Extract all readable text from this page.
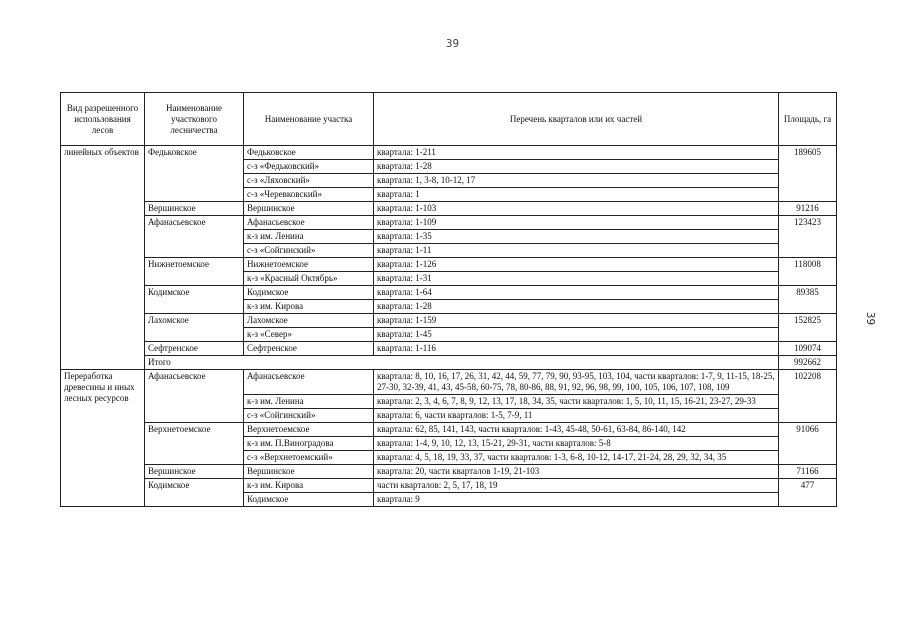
39
39
Вид разрешенного использования лесов	Наименование участкового лесничества	Наименование участка	Перечень кварталов или их частей	Площадь, га
линейных объектов	Федьковское	Федьковское	квартала: 1-211	189605
		с-з «Федьковский»	квартала: 1-28	
		с-з «Ляховский»	квартала: 1, 3-8, 10-12, 17	
		с-з «Черевковский»	квартала: 1	
	Вершинское	Вершинское	квартала: 1-103	91216
	Афанасьевское	Афанасьевское	квартала: 1-109	123423
		к-з им. Ленина	квартала: 1-35	
		с-з «Сойгинский»	квартала: 1-11	
	Нижнетоемское	Нижнетоемское	квартала: 1-126	118008
		к-з «Красный Октябрь»	квартала: 1-31	
	Кодимское	Кодимское	квартала: 1-64	89385
		к-з им. Кирова	квартала: 1-28	
	Лахомское	Лахомское	квартала: 1-159	152825
		к-з «Север»	квартала: 1-45	
	Сефтренское	Сефтренское	квартала: 1-116	109074
	Итого			992662
Переработка древесины и иных лесных ресурсов	Афанасьевское	Афанасьевское	квартала: 8, 10, 16, 17, 26, 31, 42, 44, 59, 77, 79, 90, 93-95, 103, 104, части кварталов: 1-7, 9, 11-15, 18-25, 27-30, 32-39, 41, 43, 45-58, 60-75, 78, 80-86, 88, 91, 92, 96, 98, 99, 100, 105, 106, 107, 108, 109	102208
		к-з им. Ленина	квартала: 2, 3, 4, 6, 7, 8, 9, 12, 13, 17, 18, 34, 35, части кварталов: 1, 5, 10, 11, 15, 16-21, 23-27, 29-33	
		с-з «Сойгинский»	квартала: 6, части кварталов: 1-5, 7-9, 11	
	Верхнетоемское	Верхнетоемское	квартала: 62, 85, 141, 143, части кварталов: 1-43, 45-48, 50-61, 63-84, 86-140, 142	91066
		к-з им. П.Виноградова	квартала: 1-4, 9, 10, 12, 13, 15-21, 29-31, части кварталов: 5-8	
		с-з «Верхнетоемский»	квартала: 4, 5, 18, 19, 33, 37, части кварталов: 1-3, 6-8, 10-12, 14-17, 21-24, 28, 29, 32, 34, 35	
	Вершинское	Вершинское	квартала: 20, части кварталов 1-19, 21-103	71166
	Кодимское	к-з им. Кирова	части кварталов: 2, 5, 17, 18, 19	477
		Кодимское	квартала: 9	
